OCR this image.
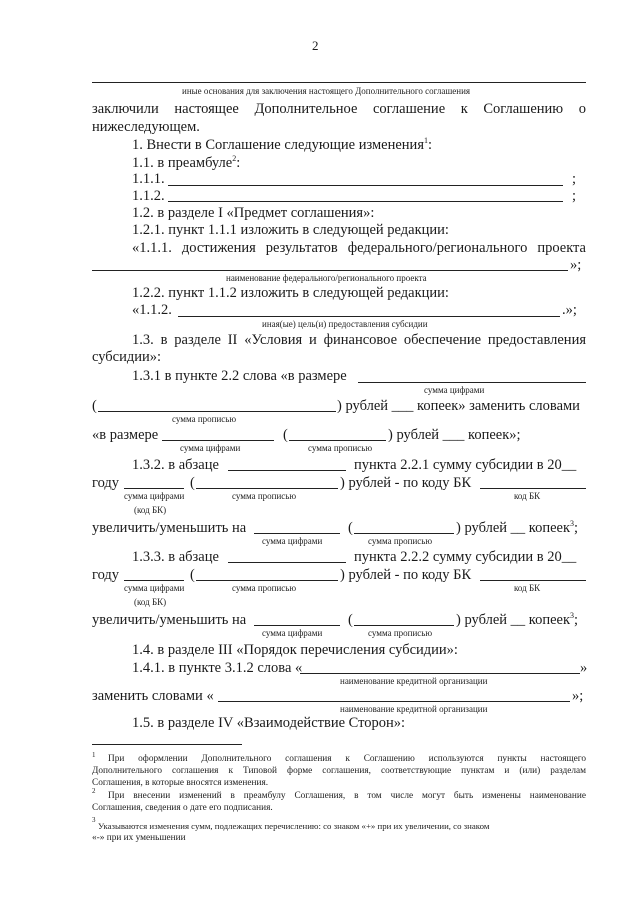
2
иные основания для заключения настоящего Дополнительного соглашения
заключили настоящее Дополнительное соглашение к Соглашению о
нижеследующем.
1. Внести в Соглашение следующие изменения$^1$:
1.1. в преамбуле$^2$:
1.1.1.	;
1.1.2.	;
1.2. в разделе I «Предмет соглашения»:
1.2.1. пункт 1.1.1 изложить в следующей редакции:
«1.1.1. достижения результатов федерального/регионального проекта
»;
наименование федерального/регионального проекта
1.2.2. пункт 1.1.2 изложить в следующей редакции:
«1.1.2.	.»;
иная(ые) цель(и) предоставления субсидии
1.3. в разделе II «Условия и финансовое обеспечение предоставления
субсидии»:
1.3.1 в пункте 2.2 слова «в размере
сумма цифрами
(	) рублей ___ копеек» заменить словами
сумма прописью
«в размере	(	) рублей ___ копеек»;
сумма цифрами	сумма прописью
1.3.2. в абзаце	пункта 2.2.1 сумму субсидии в 20__
году	(	) рублей - по коду БК
сумма цифрами	сумма прописью	код БК
(код БК)
увеличить/уменьшить на	(	) рублей __ копеек$^3$;
сумма цифрами	сумма прописью
1.3.3. в абзаце	пункта 2.2.2 сумму субсидии в 20__
году	(	) рублей - по коду БК
сумма цифрами	сумма прописью	код БК
(код БК)
увеличить/уменьшить на	(	) рублей __ копеек$^3$;
сумма цифрами	сумма прописью
1.4. в разделе III «Порядок перечисления субсидии»:
1.4.1. в пункте 3.1.2 слова «	»
наименование кредитной организации
заменить словами «	»;
наименование кредитной организации
1.5. в разделе IV «Взаимодействие Сторон»:
1 При оформлении Дополнительного соглашения к Соглашению используются пункты настоящего
Дополнительного соглашения к Типовой форме соглашения, соответствующие пунктам и (или) разделам
Соглашения, в которые вносятся изменения.
2 При внесении изменений в преамбулу Соглашения, в том числе могут быть изменены наименование
Соглашения, сведения о дате его подписания.
3
Указываются изменения сумм, подлежащих перечислению: со знаком «+» при их увеличении, со знаком
«-» при их уменьшении
